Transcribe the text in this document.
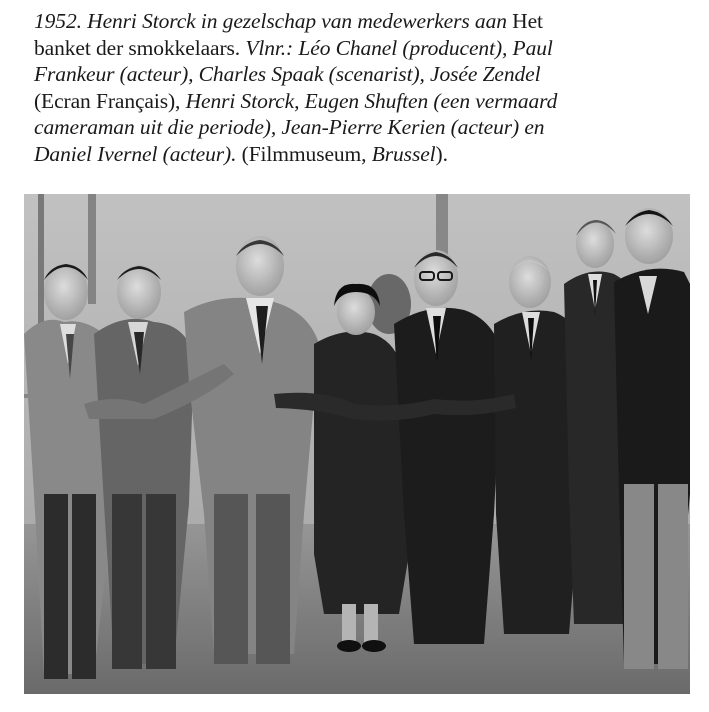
1952. Henri Storck in gezelschap van medewerkers aan Het
banket der smokkelaars. Vlnr.: Léo Chanel (producent), Paul
Frankeur (acteur), Charles Spaak (scenarist), Josée Zendel
(Ecran Français), Henri Storck, Eugen Shuften (een vermaard
cameraman uit die periode), Jean-Pierre Kerien (acteur) en
Daniel Ivernel (acteur). (Filmmuseum, Brussel).
